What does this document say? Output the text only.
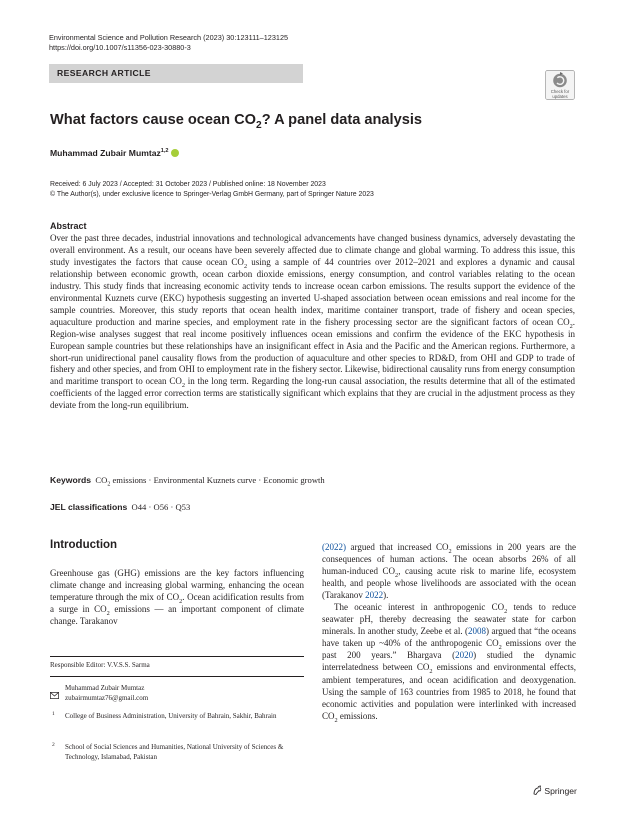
Environmental Science and Pollution Research (2023) 30:123111–123125
https://doi.org/10.1007/s11356-023-30880-3
RESEARCH ARTICLE
Check for
updates
What factors cause ocean $CO_2$? A panel data analysis
Muhammad Zubair Mumtaz$^{1,2}$
Received: 6 July 2023 / Accepted: 31 October 2023 / Published online: 18 November 2023
© The Author(s), under exclusive licence to Springer-Verlag GmbH Germany, part of Springer Nature 2023
Abstract

Over the past three decades, industrial innovations and technological advancements have changed business dynamics, adversely devastating the overall environment. As a result, our oceans have been severely affected due to climate change and global warming. To address this issue, this study investigates the factors that cause ocean $CO_2$ using a sample of 44 countries over 2012–2021 and explores a dynamic and causal relationship between economic growth, ocean carbon dioxide emissions, energy consumption, and control variables relating to the ocean industry. This study finds that increasing economic activity tends to increase ocean carbon emissions. The results support the evidence of the environmental Kuznets curve (EKC) hypothesis suggesting an inverted U-shaped association between ocean emissions and real income for the sample countries. Moreover, this study reports that ocean health index, maritime container transport, trade of fishery and ocean species, aquaculture production and marine species, and employment rate in the fishery processing sector are the significant factors of ocean $CO_2$. Region-wise analyses suggest that real income positively influences ocean emissions and confirm the evidence of the EKC hypothesis in European sample countries but these relationships have an insignificant effect in Asia and the Pacific and the American regions. Furthermore, a short-run unidirectional panel causality flows from the production of aquaculture and other species to RD&D, from OHI and GDP to trade of fishery and other species, and from OHI to employment rate in the fishery sector. Likewise, bidirectional causality runs from energy consumption and maritime transport to ocean $CO_2$ in the long term. Regarding the long-run causal association, the results determine that all of the estimated coefficients of the lagged error correction terms are statistically significant which explains that they are crucial in the adjustment process as they deviate from the long-run equilibrium.

Keywords $CO_2$ emissions · Environmental Kuznets curve · Economic growth
JEL classifications O44 · O56 · Q53
Introduction

Greenhouse gas (GHG) emissions are the key factors influencing climate change and increasing global warming, enhancing the ocean temperature through the mix of $CO_2$. Ocean acidification results from a surge in $CO_2$ emissions — an important component of climate change. Tarakanov

Responsible Editor: V.V.S.S. Sarma
Muhammad Zubair Mumtaz
zubairmumtaz76@gmail.com
1 College of Business Administration, University of Bahrain, Sakhir, Bahrain
2 School of Social Sciences and Humanities, National University of Sciences & Technology, Islamabad, Pakistan

(2022) argued that increased $CO_2$ emissions in 200 years are the consequences of human actions. The ocean absorbs 26% of all human-induced $CO_2$, causing acute risk to marine life, ecosystem health, and people whose livelihoods are associated with the ocean (Tarakanov 2022).

The oceanic interest in anthropogenic $CO_2$ tends to reduce seawater pH, thereby decreasing the seawater state for carbon minerals. In another study, Zeebe et al. (2008) argued that “the oceans have taken up ~40% of the anthropogenic $CO_2$ emissions over the past 200 years.” Bhargava (2020) studied the dynamic interrelatedness between $CO_2$ emissions and environmental effects, ambient temperatures, and ocean acidification and deoxygenation. Using the sample of 163 countries from 1985 to 2018, he found that economic activities and population were interlinked with increased $CO_2$ emissions.

Springer
